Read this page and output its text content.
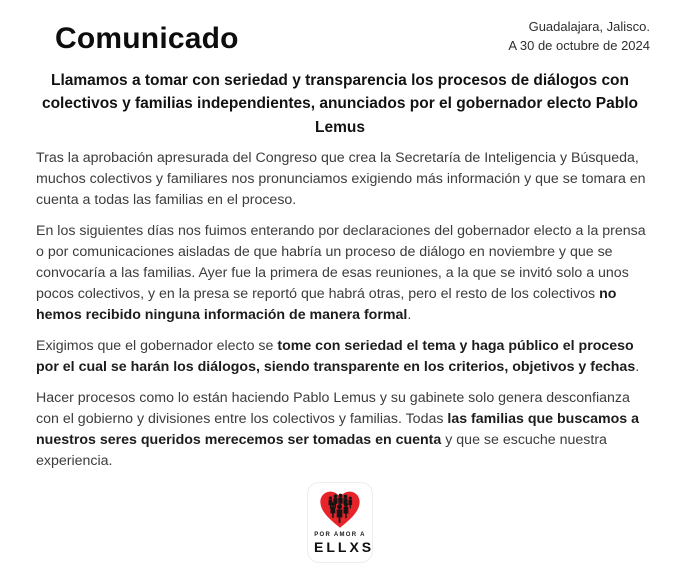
Comunicado	Guadalajara, Jalisco.
A 30 de octubre de 2024
Llamamos a tomar con seriedad y transparencia los procesos de diálogos con colectivos y familias independientes, anunciados por el gobernador electo Pablo Lemus

Tras la aprobación apresurada del Congreso que crea la Secretaría de Inteligencia y Búsqueda, muchos colectivos y familiares nos pronunciamos exigiendo más información y que se tomara en cuenta a todas las familias en el proceso.

En los siguientes días nos fuimos enterando por declaraciones del gobernador electo a la prensa o por comunicaciones aisladas de que habría un proceso de diálogo en noviembre y que se convocaría a las familias. Ayer fue la primera de esas reuniones, a la que se invitó solo a unos pocos colectivos, y en la presa se reportó que habrá otras, pero el resto de los colectivos no hemos recibido ninguna información de manera formal.

Exigimos que el gobernador electo se tome con seriedad el tema y haga público el proceso por el cual se harán los diálogos, siendo transparente en los criterios, objetivos y fechas.

Hacer procesos como lo están haciendo Pablo Lemus y su gabinete solo genera desconfianza con el gobierno y divisiones entre los colectivos y familias. Todas las familias que buscamos a nuestros seres queridos merecemos ser tomadas en cuenta y que se escuche nuestra experiencia.

POR AMOR A
ELLXS
